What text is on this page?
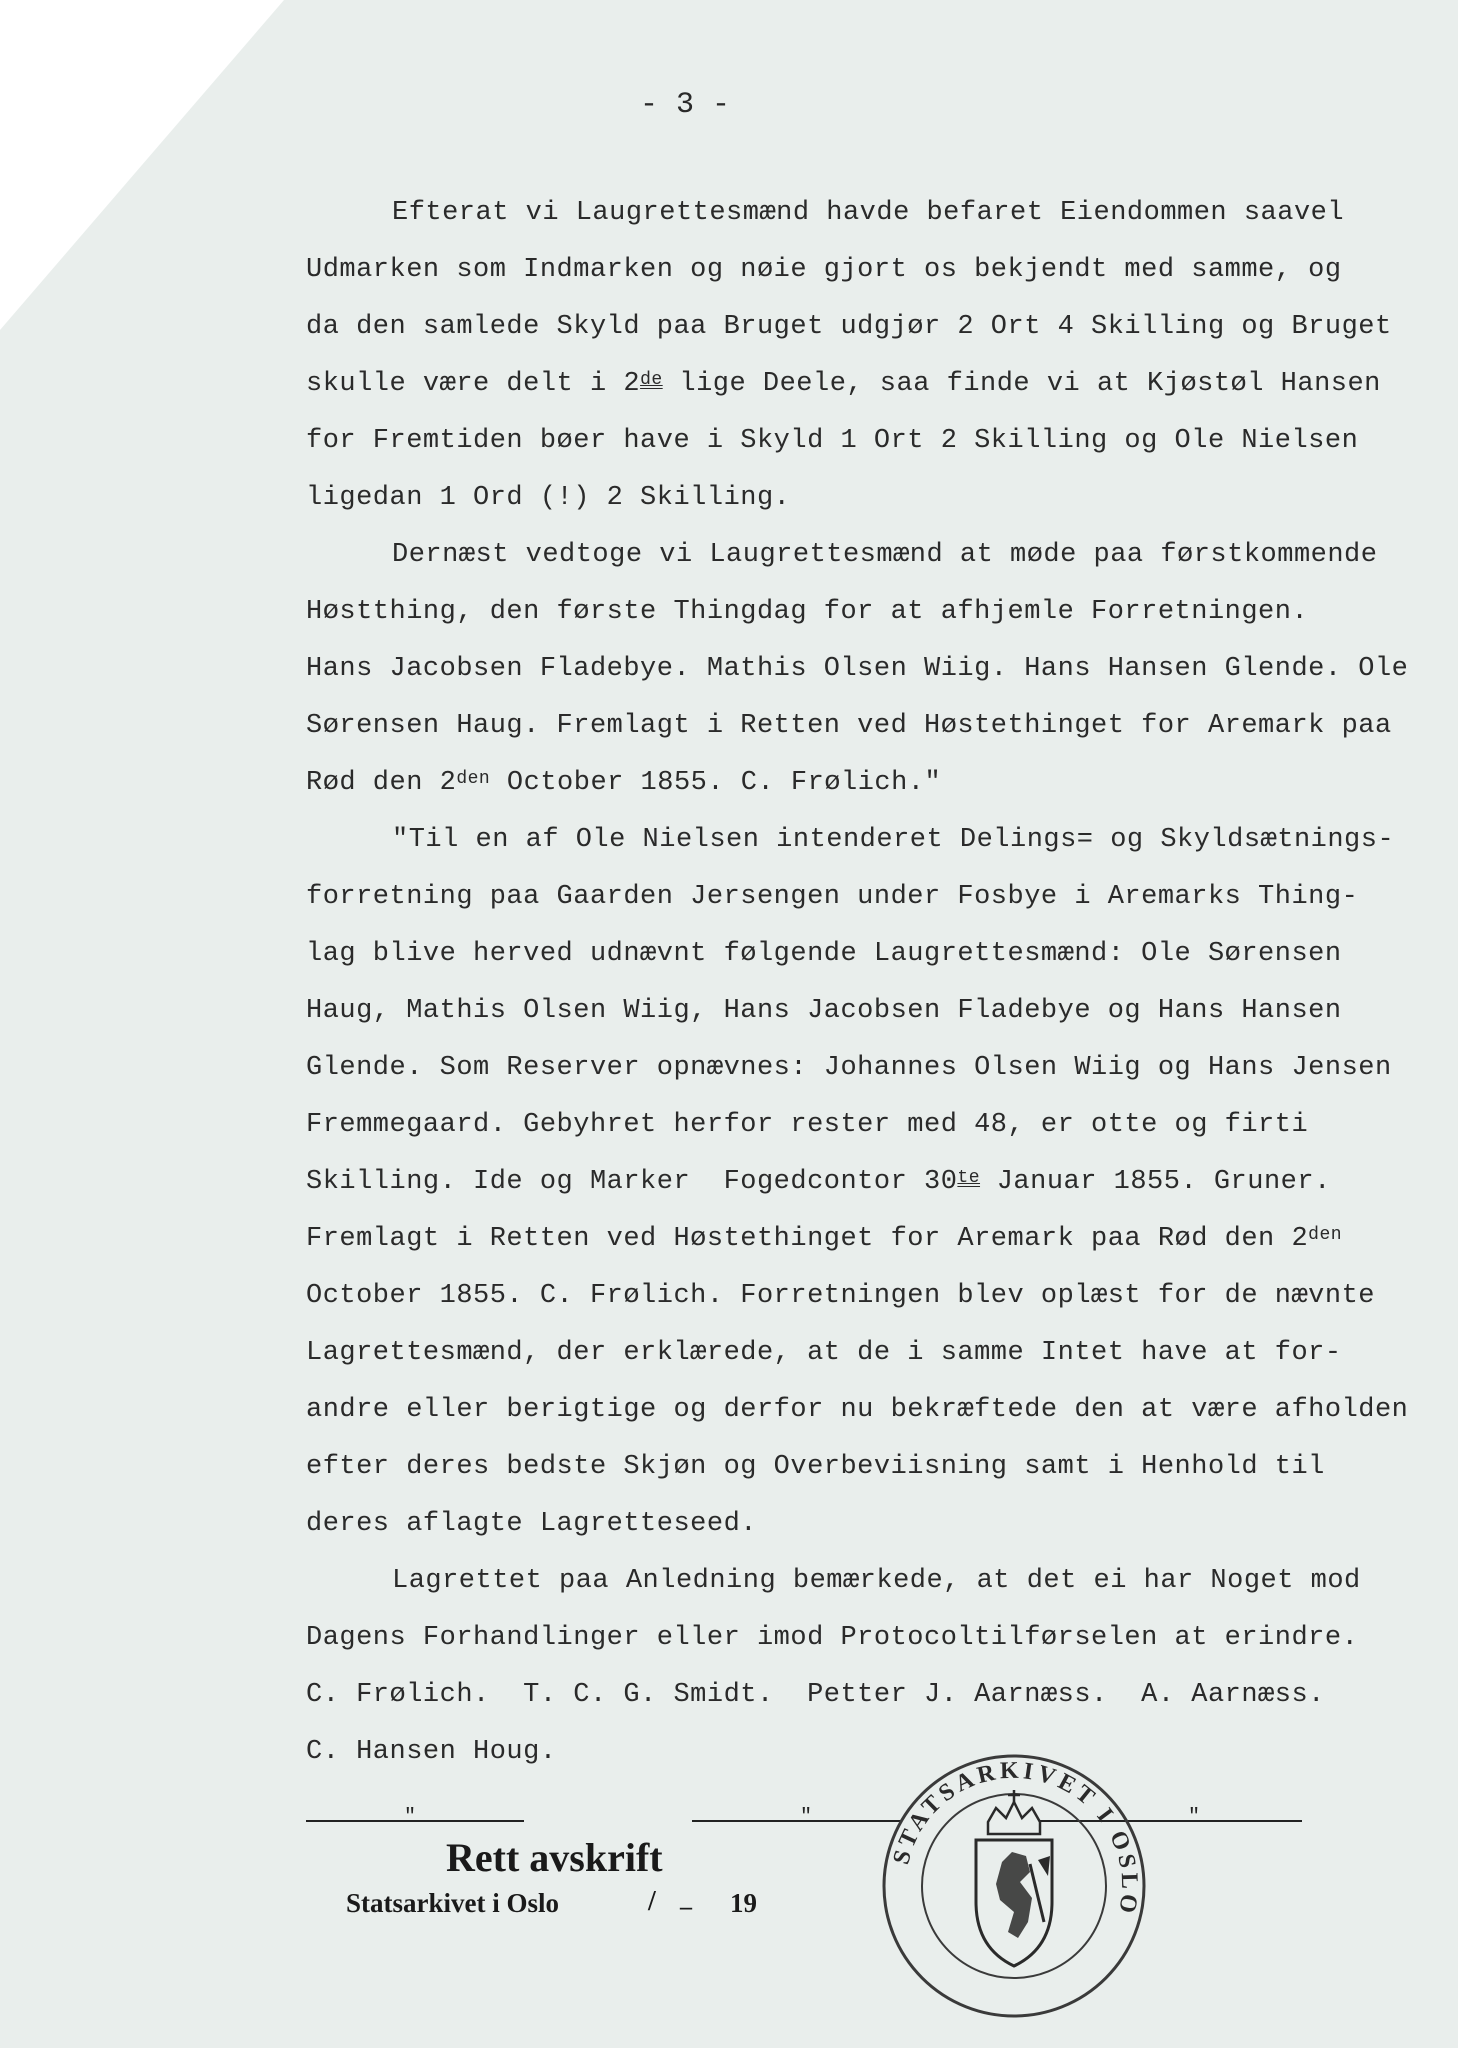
- 3 -
Efterat vi Laugrettesmænd havde befaret Eiendommen saavel
Udmarken som Indmarken og nøie gjort os bekjendt med samme, og
da den samlede Skyld paa Bruget udgjør 2 Ort 4 Skilling og Bruget
skulle være delt i 2de lige Deele, saa finde vi at Kjøstøl Hansen
for Fremtiden bøer have i Skyld 1 Ort 2 Skilling og Ole Nielsen
ligedan 1 Ord (!) 2 Skilling.
Dernæst vedtoge vi Laugrettesmænd at møde paa førstkommende
Høstthing, den første Thingdag for at afhjemle Forretningen.
Hans Jacobsen Fladebye. Mathis Olsen Wiig. Hans Hansen Glende. Ole
Sørensen Haug. Fremlagt i Retten ved Høstethinget for Aremark paa
Rød den $2^{den}$ October 1855. C. Frølich."
"Til en af Ole Nielsen intenderet Delings= og Skyldsætnings-
forretning paa Gaarden Jersengen under Fosbye i Aremarks Thing-
lag blive herved udnævnt følgende Laugrettesmænd: Ole Sørensen
Haug, Mathis Olsen Wiig, Hans Jacobsen Fladebye og Hans Hansen
Glende. Som Reserver opnævnes: Johannes Olsen Wiig og Hans Jensen
Fremmegaard. Gebyhret herfor rester med 48, er otte og firti
Skilling. Ide og Marker  Fogedcontor $30^{te}$ Januar 1855. Gruner.
Fremlagt i Retten ved Høstethinget for Aremark paa Rød den $2^{den}$
October 1855. C. Frølich. Forretningen blev oplæst for de nævnte
Lagrettesmænd, der erklærede, at de i samme Intet have at for-
andre eller berigtige og derfor nu bekræftede den at være afholden
efter deres bedste Skjøn og Overbeviisning samt i Henhold til
deres aflagte Lagretteseed.
Lagrettet paa Anledning bemærkede, at det ei har Noget mod
Dagens Forhandlinger eller imod Protocoltilførselen at erindre.
C. Frølich.  T. C. G. Smidt.  Petter J. Aarnæss.  A. Aarnæss.
C. Hansen Houg.
"	"	"
Rett avskrift
Statsarkivet i Oslo	/ _ 19
STATSARKIVET I OSLO
